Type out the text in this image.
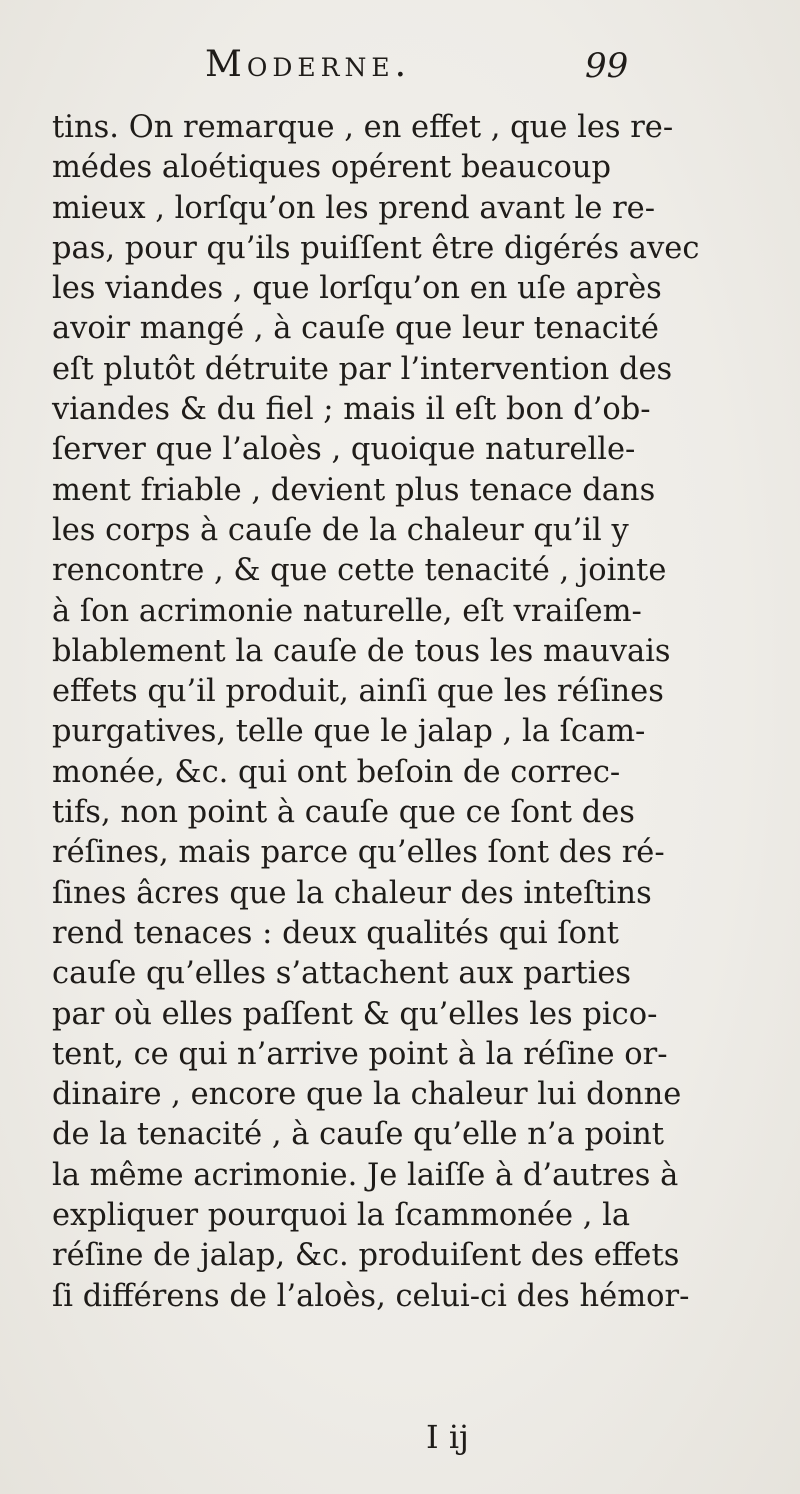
Moderne.	99
tins. On remarque , en effet , que les re-
médes aloétiques opérent beaucoup
mieux , lorſqu’on les prend avant le re-
pas, pour qu’ils puiſſent être digérés avec
les viandes , que lorſqu’on en uſe après
avoir mangé , à cauſe que leur tenacité
eſt plutôt détruite par l’intervention des
viandes & du fiel ; mais il eſt bon d’ob-
ſerver que l’aloès , quoique naturelle-
ment friable , devient plus tenace dans
les corps à cauſe de la chaleur qu’il y
rencontre , & que cette tenacité , jointe
à ſon acrimonie naturelle, eſt vraiſem-
blablement la cauſe de tous les mauvais
effets qu’il produit, ainſi que les réſines
purgatives, telle que le jalap , la ſcam-
monée, &c. qui ont beſoin de correc-
tifs, non point à cauſe que ce ſont des
réſines, mais parce qu’elles ſont des ré-
ſines âcres que la chaleur des inteſtins
rend tenaces : deux qualités qui ſont
cauſe qu’elles s’attachent aux parties
par où elles paſſent & qu’elles les pico-
tent, ce qui n’arrive point à la réſine or-
dinaire , encore que la chaleur lui donne
de la tenacité , à cauſe qu’elle n’a point
la même acrimonie. Je laiſſe à d’autres à
expliquer pourquoi la ſcammonée , la
réſine de jalap, &c. produiſent des effets
ſi différens de l’aloès, celui-ci des hémor-
I ij
